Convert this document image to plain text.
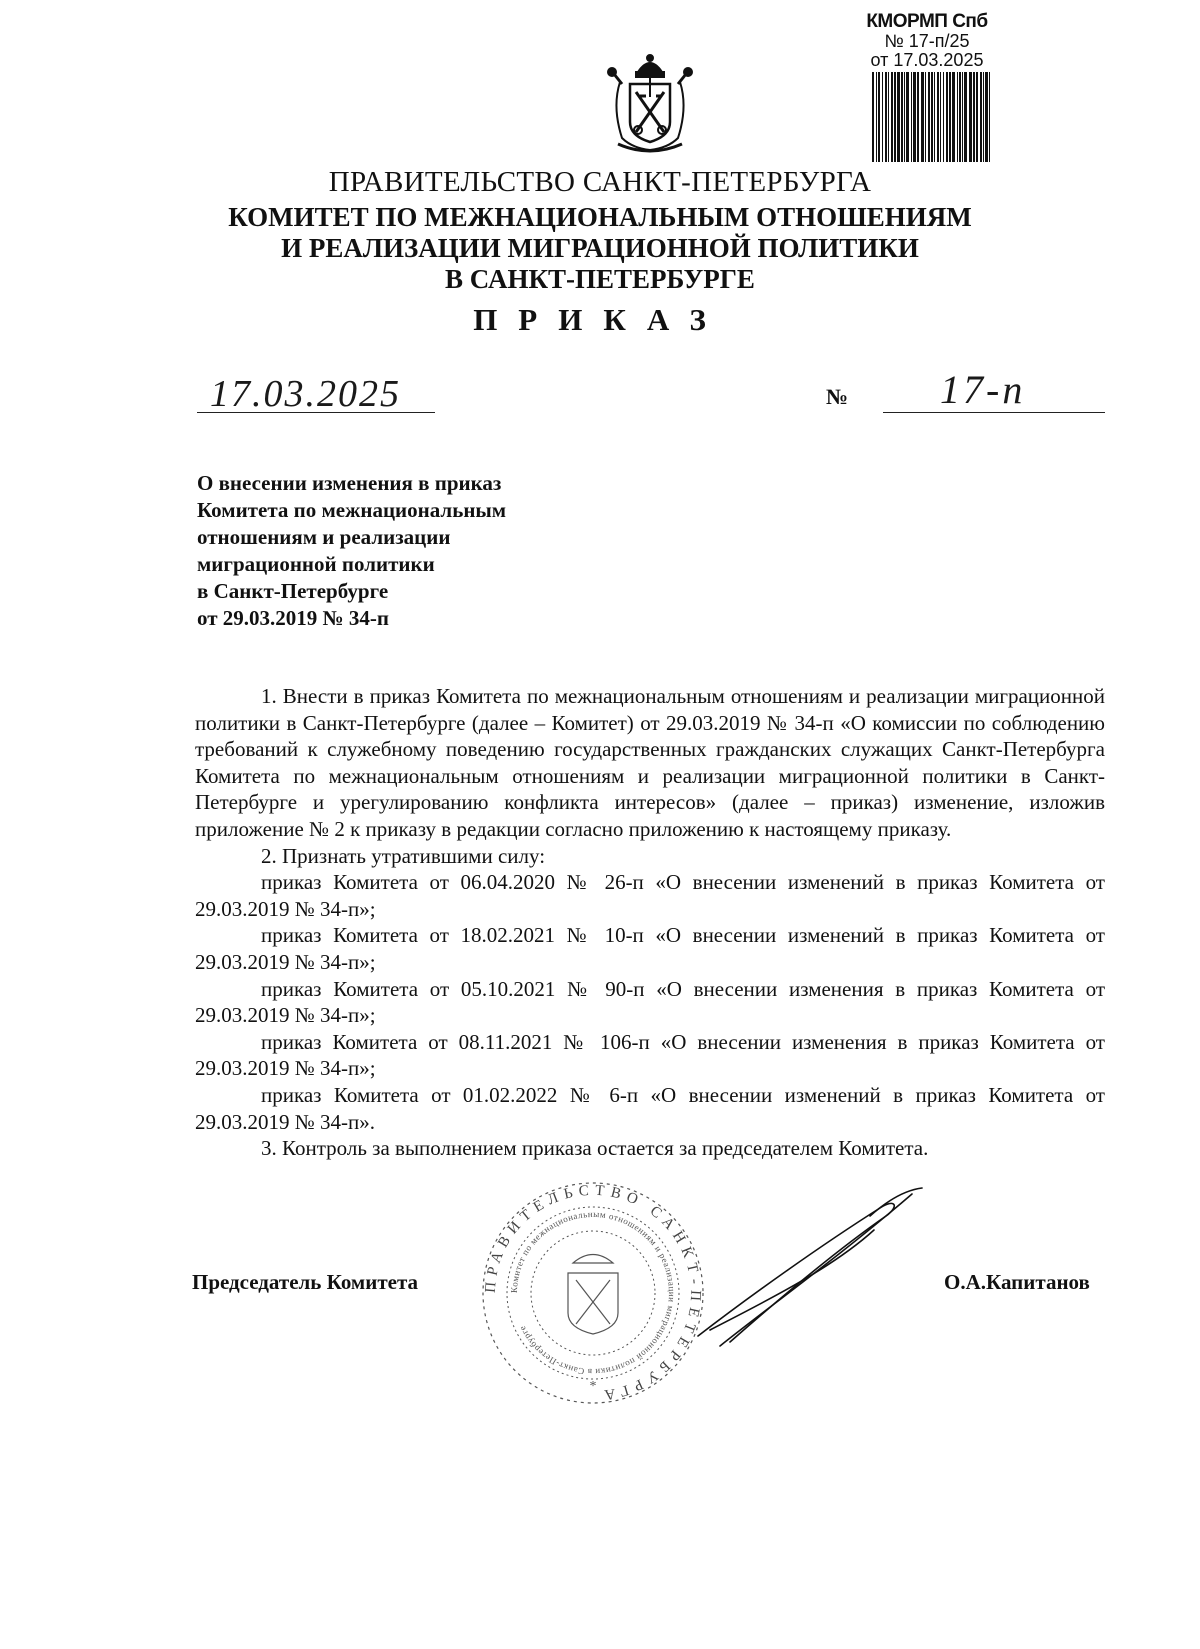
КМОРМП Спб
№ 17-п/25
от 17.03.2025
ПРАВИТЕЛЬСТВО САНКТ-ПЕТЕРБУРГА
КОМИТЕТ ПО МЕЖНАЦИОНАЛЬНЫМ ОТНОШЕНИЯМ
И РЕАЛИЗАЦИИ МИГРАЦИОННОЙ ПОЛИТИКИ
В САНКТ-ПЕТЕРБУРГЕ
ПРИКАЗ
17.03.2025	№ 17-п
О внесении изменения в приказ
Комитета по межнациональным
отношениям и реализации
миграционной политики
в Санкт-Петербурге
от 29.03.2019 № 34-п

1. Внести в приказ Комитета по межнациональным отношениям и реализации миграционной политики в Санкт-Петербурге (далее – Комитет) от 29.03.2019 № 34-п «О комиссии по соблюдению требований к служебному поведению государственных гражданских служащих Санкт-Петербурга Комитета по межнациональным отношениям и реализации миграционной политики в Санкт-Петербурге и урегулированию конфликта интересов» (далее – приказ) изменение, изложив приложение № 2 к приказу в редакции согласно приложению к настоящему приказу.

2. Признать утратившими силу:

приказ Комитета от 06.04.2020 № 26-п «О внесении изменений в приказ Комитета от 29.03.2019 № 34-п»;

приказ Комитета от 18.02.2021 № 10-п «О внесении изменений в приказ Комитета от 29.03.2019 № 34-п»;

приказ Комитета от 05.10.2021 № 90-п «О внесении изменения в приказ Комитета от 29.03.2019 № 34-п»;

приказ Комитета от 08.11.2021 № 106-п «О внесении изменения в приказ Комитета от 29.03.2019 № 34-п»;

приказ Комитета от 01.02.2022 № 6-п «О внесении изменений в приказ Комитета от 29.03.2019 № 34-п».

3. Контроль за выполнением приказа остается за председателем Комитета.

Председатель Комитета	О.А.Капитанов
ПРАВИТЕЛЬСТВО САНКТ-ПЕТЕРБУРГА
Комитет по межнациональным отношениям и реализации миграционной политики в Санкт-Петербурге
*
